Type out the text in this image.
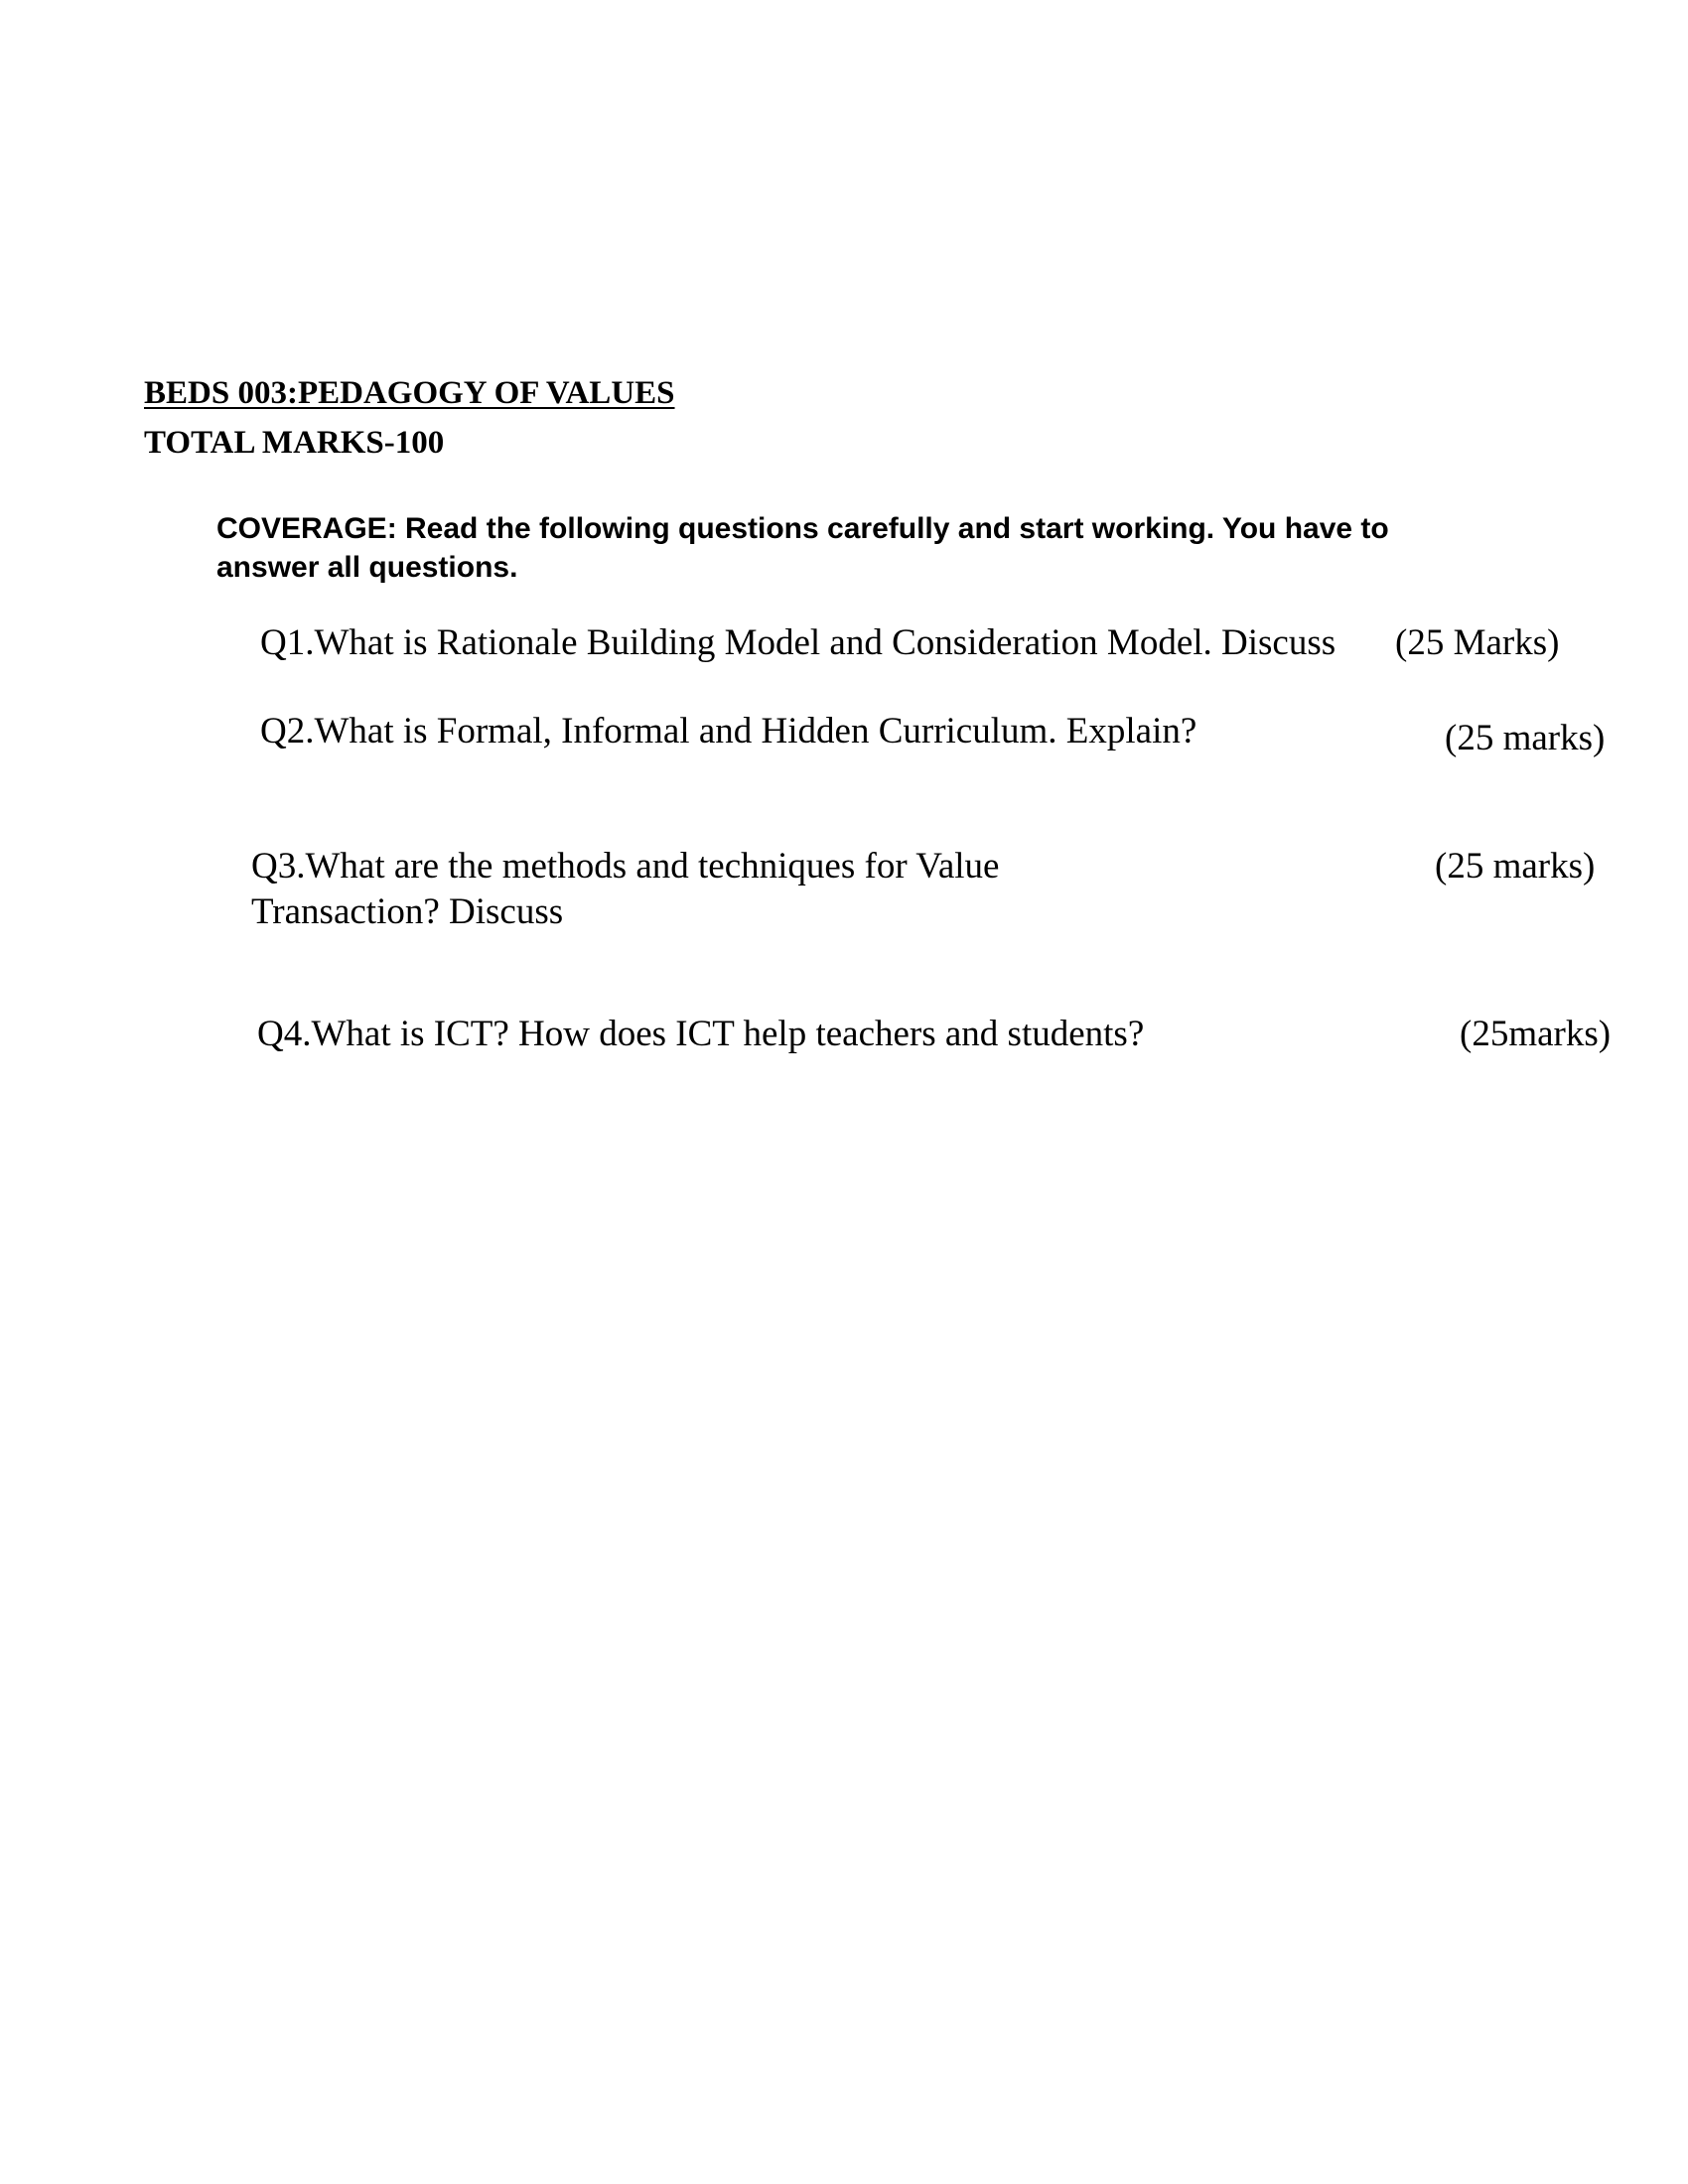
BEDS 003:PEDAGOGY OF VALUES
TOTAL MARKS-100

COVERAGE: Read the following questions carefully and start working. You have to answer all questions.

Q1.What is Rationale Building Model and Consideration Model. Discuss (25 Marks)
Q2.What is Formal, Informal and Hidden Curriculum. Explain?	(25 marks)
Q3.What are the methods and techniques for Value Transaction? Discuss
(25 marks)
Q4.What is ICT? How does ICT help teachers and students?	(25marks)
